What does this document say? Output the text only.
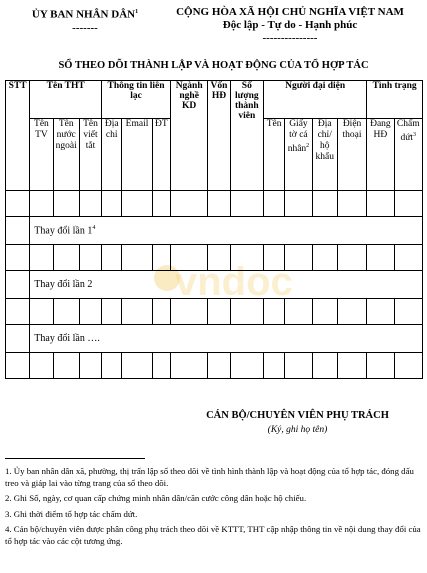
ỦY BAN NHÂN DÂN$^1$
-------
CỘNG HÒA XÃ HỘI CHỦ NGHĨA VIỆT NAM
Độc lập - Tự do - Hạnh phúc
---------------
SỔ THEO DÕI THÀNH LẬP VÀ HOẠT ĐỘNG CỦA TỔ HỢP TÁC
vndoc
STT	Tên THT			Thông tin liên lạc			Ngành nghề KD	Vốn HĐ	Số lượng thành viên	Người đại diện				Tình trạng	
	Tên TV	Tên nước ngoài	Tên viết tắt	Địa chỉ	Email	ĐT				Tên	Giấy tờ cá nhân$^2$	Địa chỉ/ hộ khẩu	Điện thoại	Đang HĐ	Chấm dứt$^3$

	Thay đổi lần $1^4$

	Thay đổi lần 2														

	Thay đổi lần ….														

CÁN BỘ/CHUYÊN VIÊN PHỤ TRÁCH
(Ký, ghi họ tên)

1. Ủy ban nhân dân xã, phường, thị trấn lập sổ theo dõi về tình hình thành lập và hoạt động của tổ hợp tác, đóng dấu treo và giáp lai vào từng trang của sổ theo dõi.

2. Ghi Số, ngày, cơ quan cấp chứng minh nhân dân/căn cước công dân hoặc hộ chiếu.

3. Ghi thời điểm tổ hợp tác chấm dứt.

4. Cán bộ/chuyên viên được phân công phụ trách theo dõi về KTTT, THT cập nhập thông tin về nội dung thay đổi của tổ hợp tác vào các cột tương ứng.
